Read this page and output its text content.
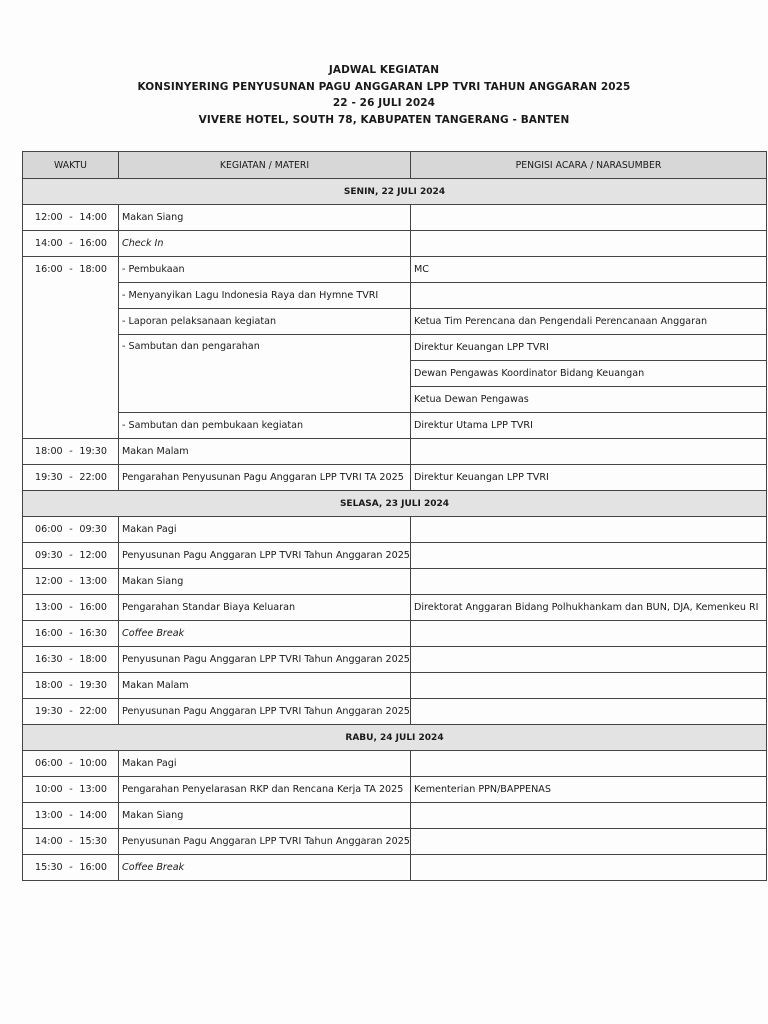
JADWAL KEGIATAN
KONSINYERING PENYUSUNAN PAGU ANGGARAN LPP TVRI TAHUN ANGGARAN 2025
22 - 26 JULI 2024
VIVERE HOTEL, SOUTH 78, KABUPATEN TANGERANG - BANTEN
WAKTU	KEGIATAN / MATERI	PENGISI ACARA / NARASUMBER
SENIN, 22 JULI 2024		

12:00 - 14:00	Makan Siang	

14:00 - 16:00	Check In	

16:00 - 18:00	- Pembukaan	MC
	- Menyanyikan Lagu Indonesia Raya dan Hymne TVRI	
	- Laporan pelaksanaan kegiatan	Ketua Tim Perencana dan Pengendali Perencanaan Anggaran
	- Sambutan dan pengarahan	Direktur Keuangan LPP TVRI
		Dewan Pengawas Koordinator Bidang Keuangan
		Ketua Dewan Pengawas
	- Sambutan dan pembukaan kegiatan	Direktur Utama LPP TVRI

18:00 - 19:30	Makan Malam	

19:30 - 22:00	Pengarahan Penyusunan Pagu Anggaran LPP TVRI TA 2025	Direktur Keuangan LPP TVRI
SELASA, 23 JULI 2024		

06:00 - 09:30	Makan Pagi	

09:30 - 12:00	Penyusunan Pagu Anggaran LPP TVRI Tahun Anggaran 2025	

12:00 - 13:00	Makan Siang	

13:00 - 16:00	Pengarahan Standar Biaya Keluaran	Direktorat Anggaran Bidang Polhukhankam dan BUN, DJA, Kemenkeu RI

16:00 - 16:30	Coffee Break	

16:30 - 18:00	Penyusunan Pagu Anggaran LPP TVRI Tahun Anggaran 2025	

18:00 - 19:30	Makan Malam	

19:30 - 22:00	Penyusunan Pagu Anggaran LPP TVRI Tahun Anggaran 2025	
RABU, 24 JULI 2024		

06:00 - 10:00	Makan Pagi	

10:00 - 13:00	Pengarahan Penyelarasan RKP dan Rencana Kerja TA 2025	Kementerian PPN/BAPPENAS

13:00 - 14:00	Makan Siang	

14:00 - 15:30	Penyusunan Pagu Anggaran LPP TVRI Tahun Anggaran 2025	

15:30 - 16:00	Coffee Break	
